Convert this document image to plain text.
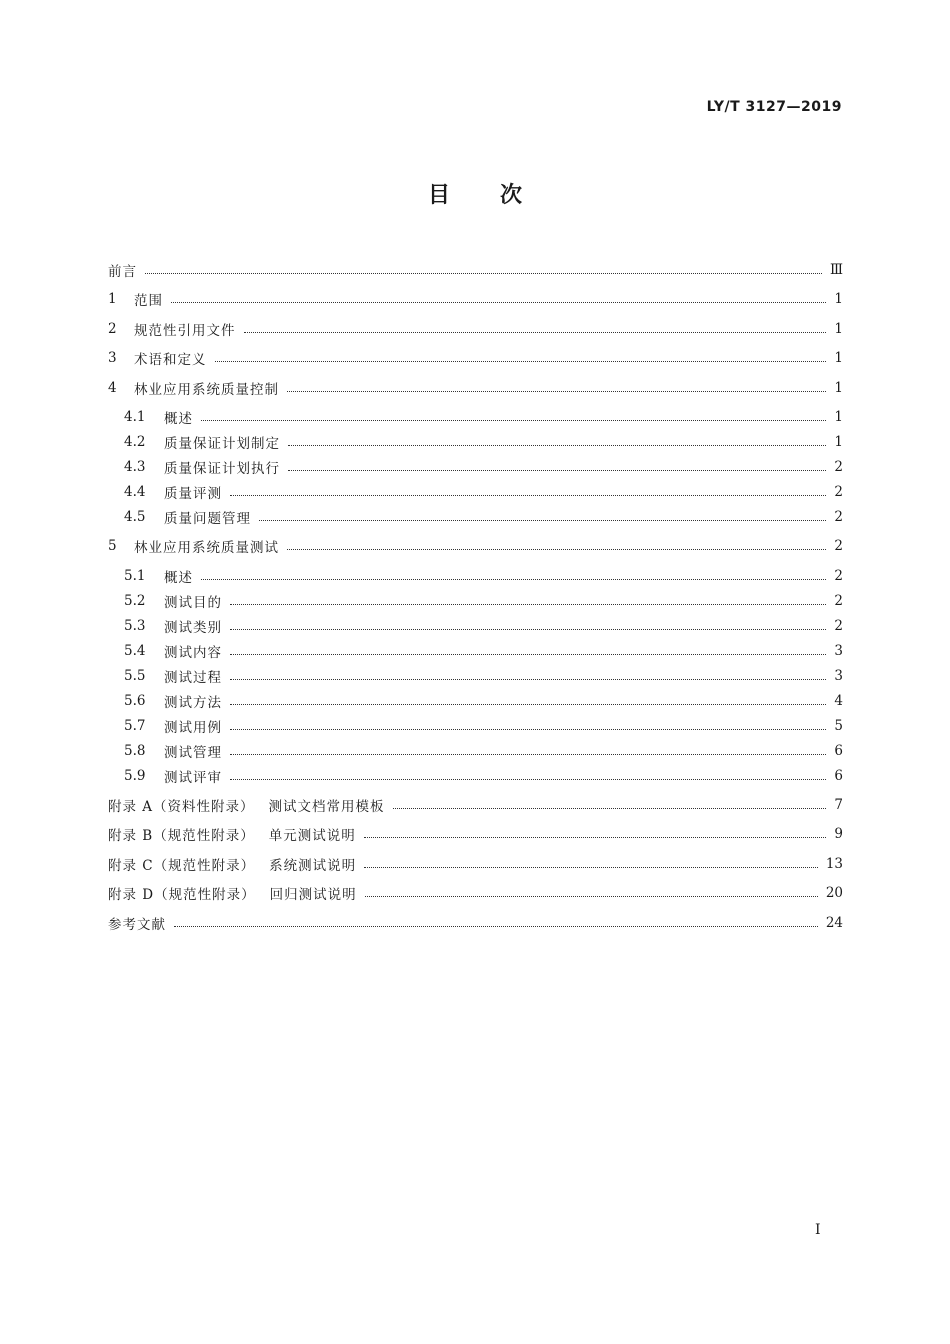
LY/T 3127—2019
目 次
前言	Ⅲ
1	范围	1
2	规范性引用文件	1
3	术语和定义	1
4	林业应用系统质量控制	1
4.1	概述	1
4.2	质量保证计划制定	1
4.3	质量保证计划执行	2
4.4	质量评测	2
4.5	质量问题管理	2
5	林业应用系统质量测试	2
5.1	概述	2
5.2	测试目的	2
5.3	测试类别	2
5.4	测试内容	3
5.5	测试过程	3
5.6	测试方法	4
5.7	测试用例	5
5.8	测试管理	6
5.9	测试评审	6
附录 A（资料性附录） 测试文档常用模板	7
附录 B（规范性附录） 单元测试说明	9
附录 C（规范性附录） 系统测试说明	13
附录 D（规范性附录） 回归测试说明	20
参考文献	24
I
